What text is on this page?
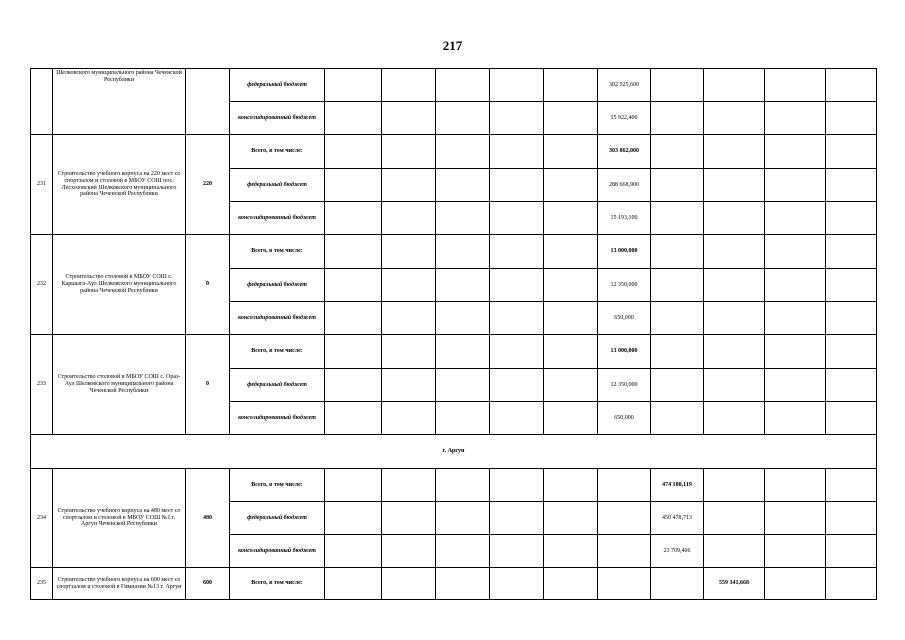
217
	Шелковского муниципального района Чеченской Республики		федеральный бюджет						302 525,600				
			консолидированный бюджет						15 922,400				
231	Строительство учебного корпуса на 220 мест со спортзалом и столовой в МБОУ СОШ пос. Лесхозовский Шелковского муниципального района Чеченской Республики	220	Всего, в том числе:						303 862,000				
			федеральный бюджет						288 668,900				
			консолидированный бюджет						15 193,100				
232	Строительство столовой в МБОУ СОШ с. Каршыга-Аул Шелковского муниципального района Чеченской Республики	0	Всего, в том числе:						13 000,000				
			федеральный бюджет						12 350,000				
			консолидированный бюджет						650,000				
233	Строительство столовой в МБОУ СОШ с. Ораз-Аул Шелковского муниципального района Чеченской Республики	0	Всего, в том числе:						13 000,000				
			федеральный бюджет						12 350,000				
			консолидированный бюджет						650,000				
г. Аргун													
234	Строительство учебного корпуса на 480 мест со спортзалом и столовой в МБОУ СОШ №1 г. Аргун Чеченской Республики	480	Всего, в том числе:							474 188,119			
			федеральный бюджет							450 478,713			
			консолидированный бюджет							23 709,406			
235	Строительство учебного корпуса на 600 мест со спортзалом и столовой в Гимназии №13 г. Аргун	600	Всего, в том числе:								559 341,668		
